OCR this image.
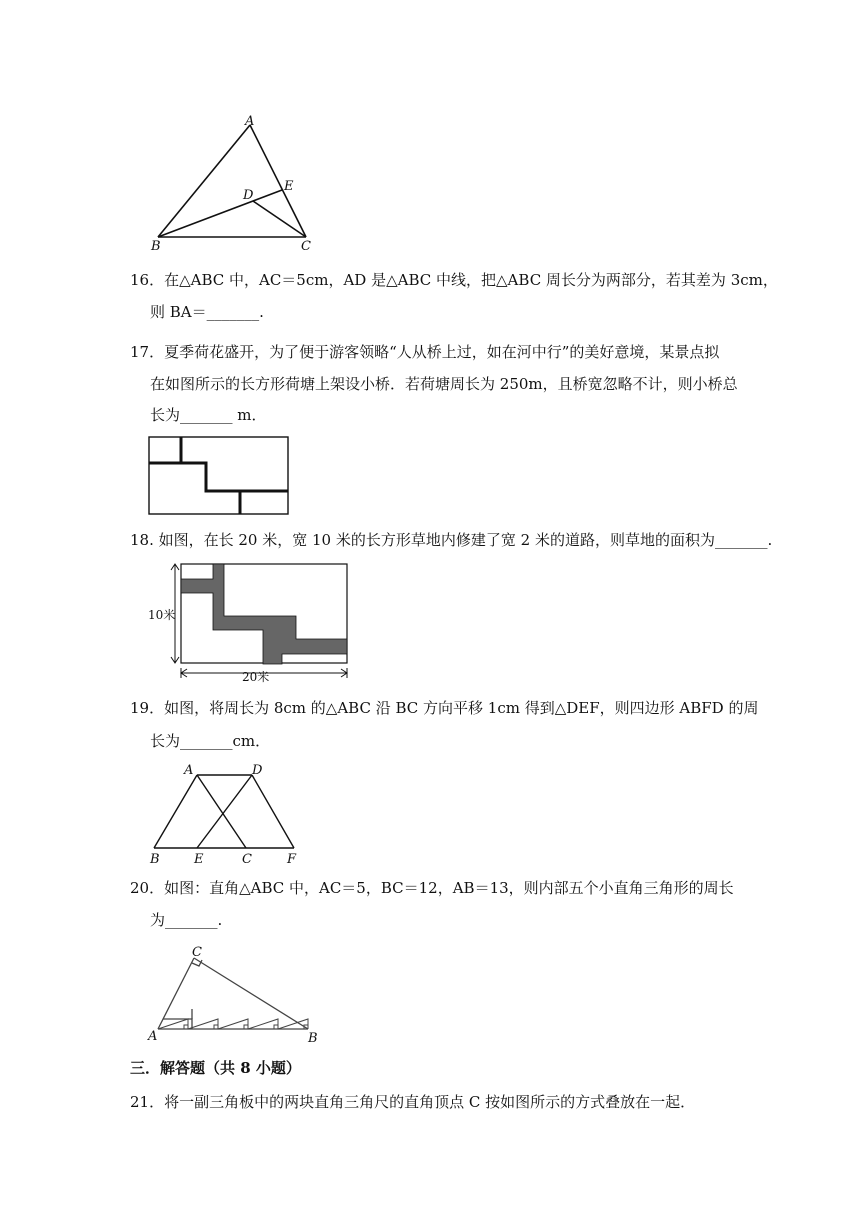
A
B	C
D
E
16．在△ABC 中，AC＝5cm，AD 是△ABC 中线，把△ABC 周长分为两部分，若其差为 3cm，
则 BA＝_______.
17．夏季荷花盛开，为了便于游客领略“人从桥上过，如在河中行”的美好意境，某景点拟
在如图所示的长方形荷塘上架设小桥．若荷塘周长为 250m，且桥宽忽略不计，则小桥总
长为_______ m．
18. 如图，在长 20 米，宽 10 米的长方形草地内修建了宽 2 米的道路，则草地的面积为_______.
10米
20米
19．如图，将周长为 8cm 的△ABC 沿 BC 方向平移 1cm 得到△DEF，则四边形 ABFD 的周
长为_______cm．
A	D
B	E	C	F
20．如图：直角△ABC 中，AC＝5，BC＝12，AB＝13，则内部五个小直角三角形的周长
为_______.
C
A	B
三．解答题（共 8 小题）
21．将一副三角板中的两块直角三角尺的直角顶点 C 按如图所示的方式叠放在一起．
